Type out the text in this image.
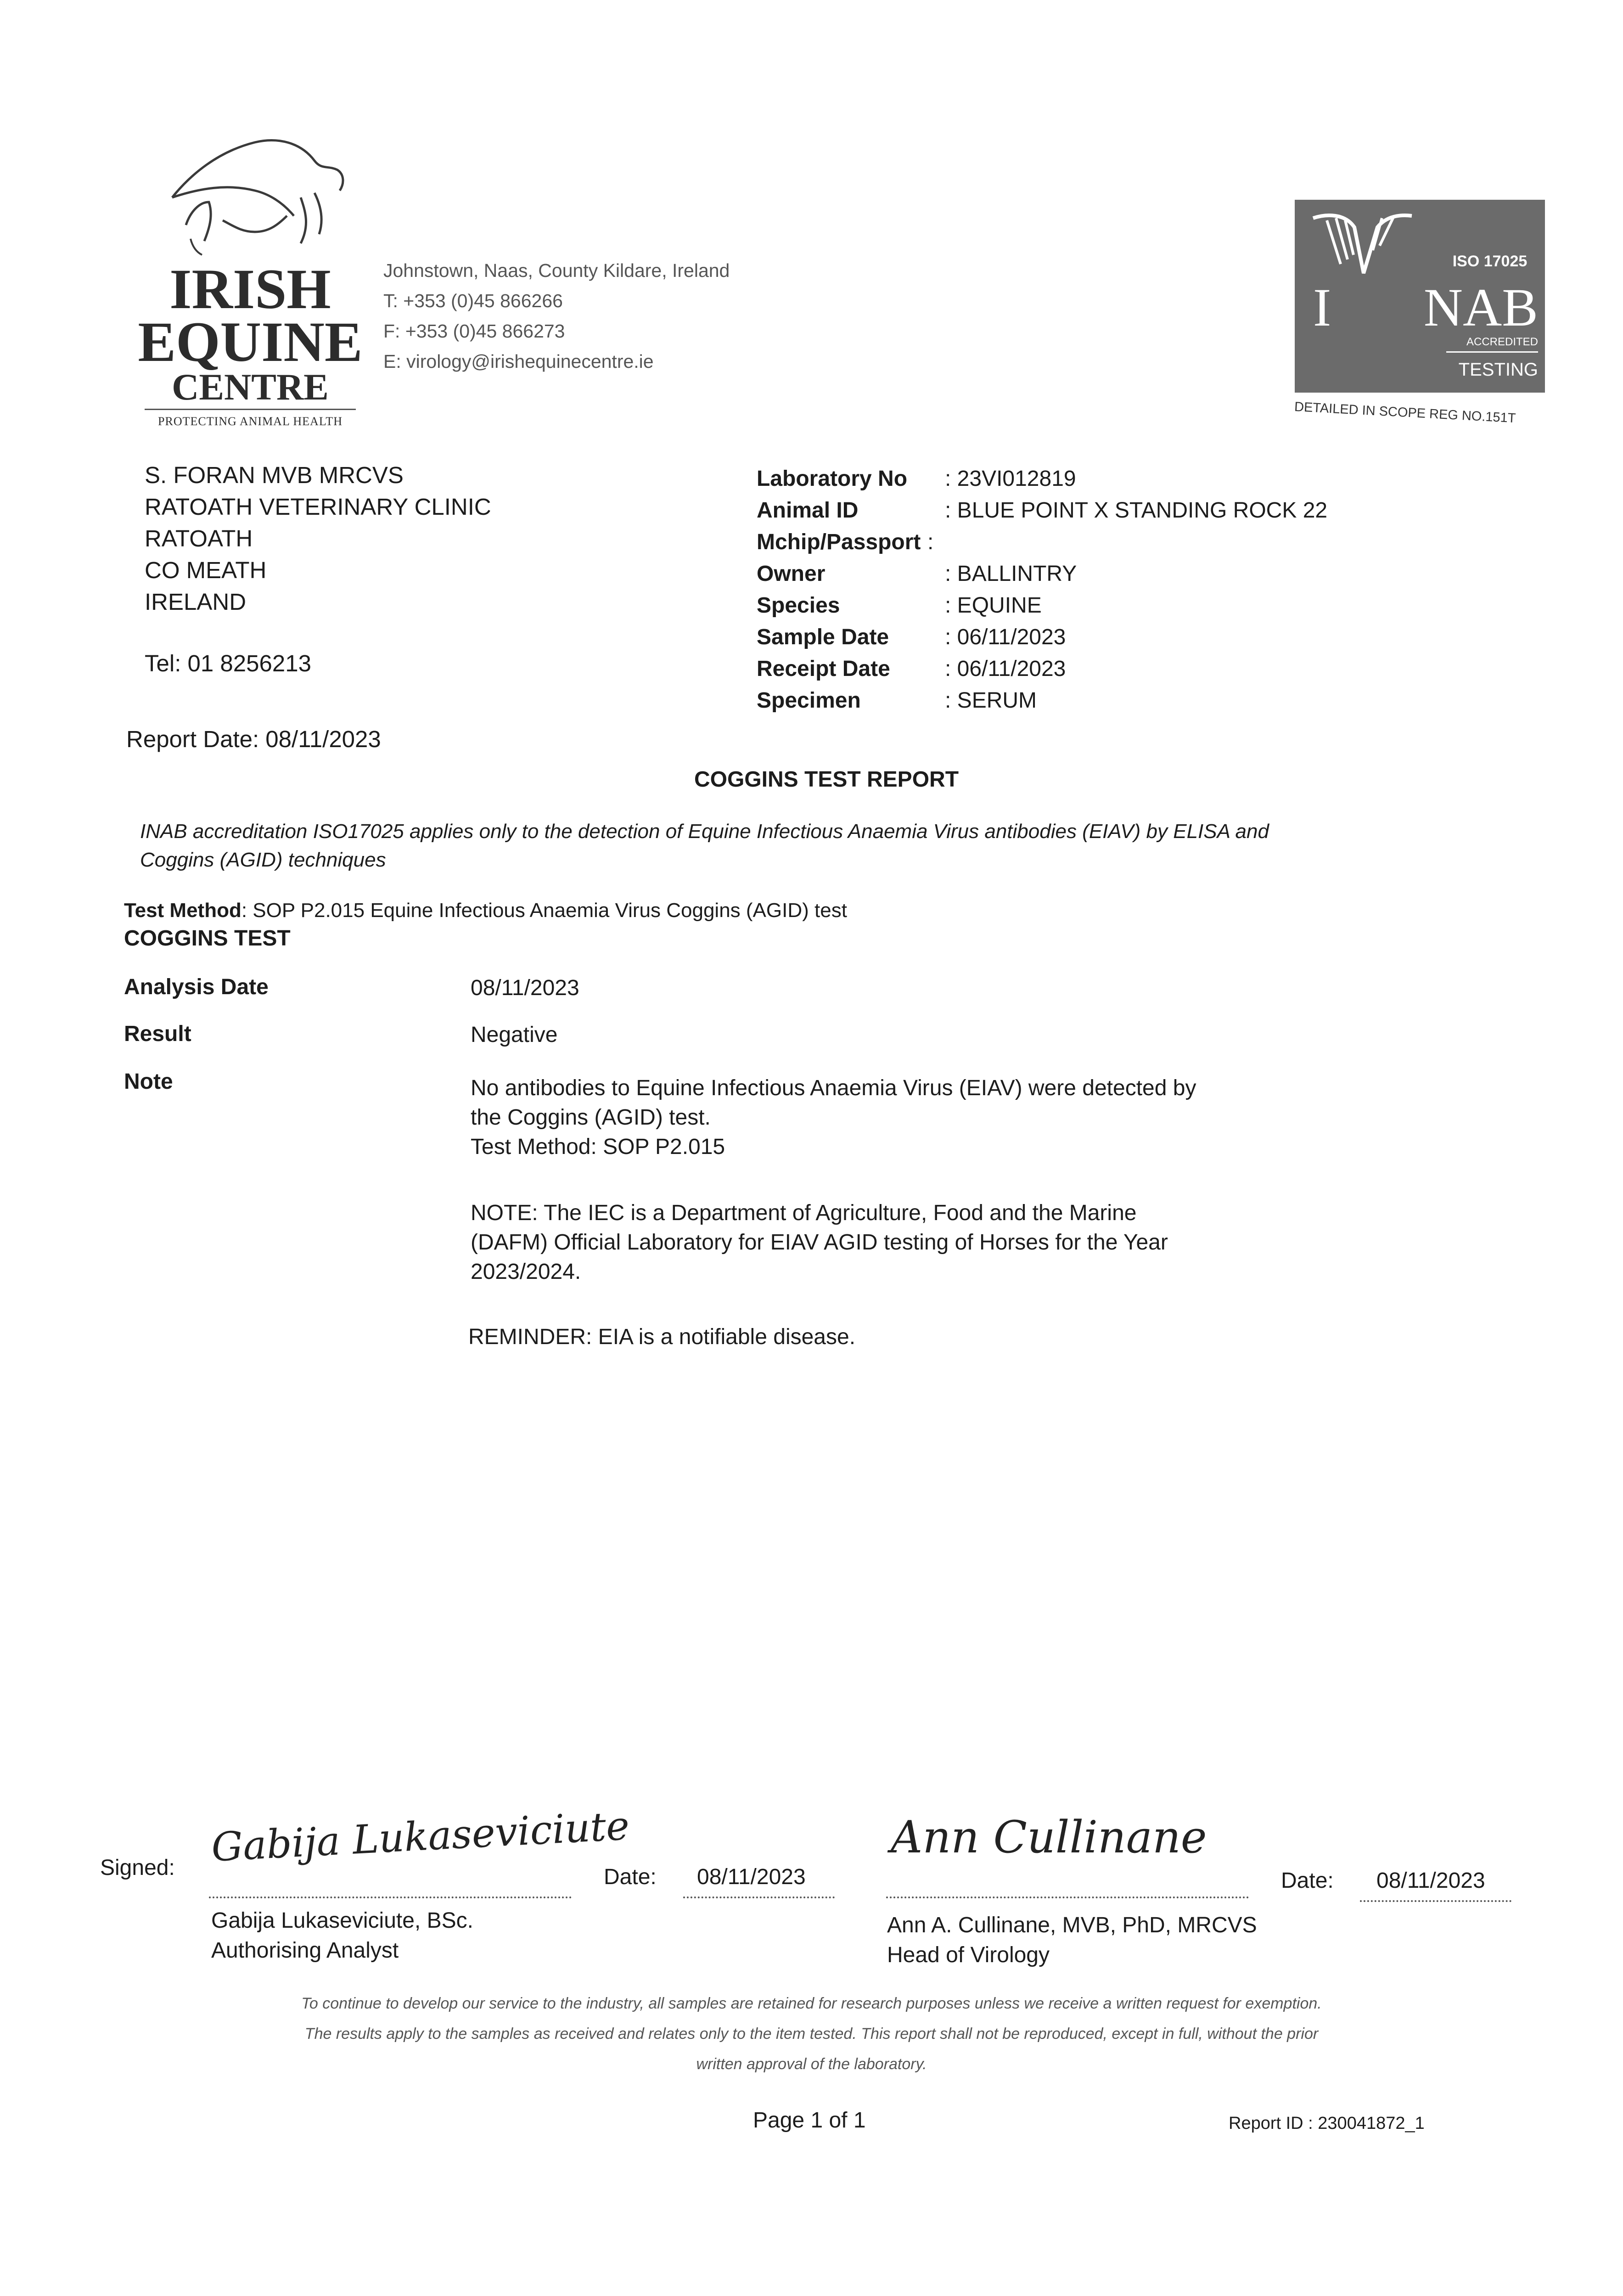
IRISH
EQUINE
CENTRE
PROTECTING ANIMAL HEALTH
Johnstown, Naas, County Kildare, Ireland
T: +353 (0)45 866266
F: +353 (0)45 866273
E: virology@irishequinecentre.ie
ISO 17025
I	NAB
ACCREDITED
TESTING
DETAILED IN SCOPE REG NO.151T
S. FORAN MVB MRCVS
RATOATH VETERINARY CLINIC
RATOATH
CO MEATH
IRELAND
Tel: 01 8256213
Report Date: 08/11/2023
Laboratory No : 23VI012819
Animal ID	: BLUE POINT X STANDING ROCK 22
Mchip/Passport :
Owner	: BALLINTRY
Species	: EQUINE
Sample Date	: 06/11/2023
Receipt Date : 06/11/2023
Specimen	: SERUM
COGGINS TEST REPORT
INAB accreditation ISO17025 applies only to the detection of Equine Infectious Anaemia Virus antibodies (EIAV) by ELISA and
Coggins (AGID) techniques
Test Method: SOP P2.015 Equine Infectious Anaemia Virus Coggins (AGID) test
COGGINS TEST
Analysis Date	08/11/2023
Result	Negative
Note	No antibodies to Equine Infectious Anaemia Virus (EIAV) were detected by
the Coggins (AGID) test.
Test Method: SOP P2.015
NOTE: The IEC is a Department of Agriculture, Food and the Marine
(DAFM) Official Laboratory for EIAV AGID testing of Horses for the Year
2023/2024.
REMINDER: EIA is a notifiable disease.
Signed: Gabija Lukaseviciute
Date: 08/11/2023
Gabija Lukaseviciute, BSc.
Authorising Analyst
Ann Cullinane
Date: 08/11/2023
Ann A. Cullinane, MVB, PhD, MRCVS
Head of Virology
To continue to develop our service to the industry, all samples are retained for research purposes unless we receive a written request for exemption.
The results apply to the samples as received and relates only to the item tested. This report shall not be reproduced, except in full, without the prior
written approval of the laboratory.
Page 1 of 1	Report ID : 230041872_1
